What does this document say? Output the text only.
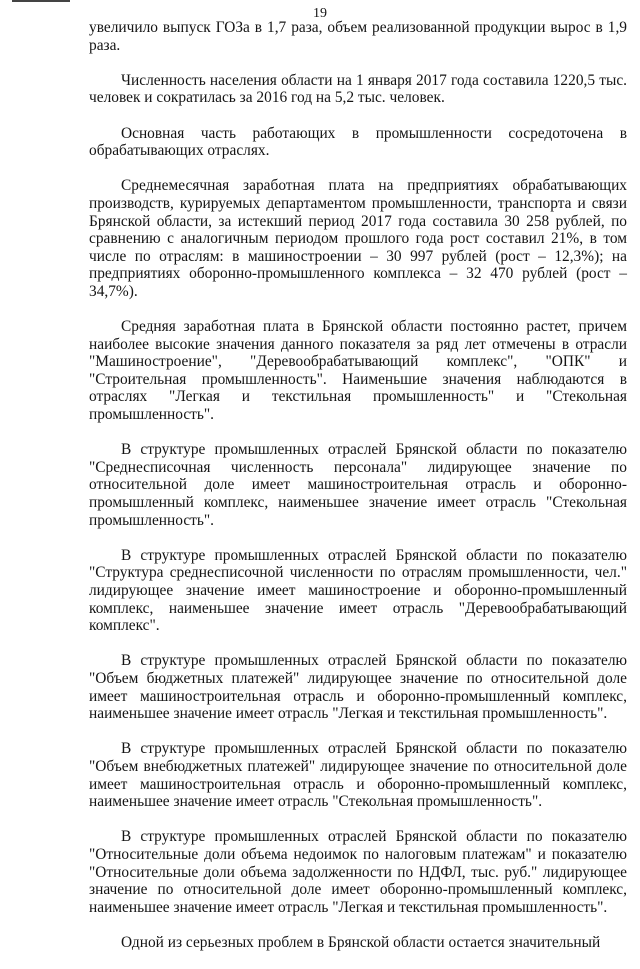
19

увеличило выпуск ГОЗа в 1,7 раза, объем реализованной продукции вырос в 1,9 раза.

Численность населения области на 1 января 2017 года составила 1220,5 тыс. человек и сократилась за 2016 год на 5,2 тыс. человек.

Основная часть работающих в промышленности сосредоточена в обрабатывающих отраслях.

Среднемесячная заработная плата на предприятиях обрабатывающих производств, курируемых департаментом промышленности, транспорта и связи Брянской области, за истекший период 2017 года составила 30 258 рублей, по сравнению с аналогичным периодом прошлого года рост составил 21%, в том числе по отраслям: в машиностроении – 30 997 рублей (рост – 12,3%); на предприятиях оборонно-промышленного комплекса – 32 470 рублей (рост – 34,7%).

Средняя заработная плата в Брянской области постоянно растет, причем наиболее высокие значения данного показателя за ряд лет отмечены в отрасли "Машиностроение", "Деревообрабатывающий комплекс", "ОПК" и "Строительная промышленность". Наименьшие значения наблюдаются в отраслях "Легкая и текстильная промышленность" и "Стекольная промышленность".

В структуре промышленных отраслей Брянской области по показателю "Среднесписочная численность персонала" лидирующее значение по относительной доле имеет машиностроительная отрасль и оборонно-промышленный комплекс, наименьшее значение имеет отрасль "Стекольная промышленность".

В структуре промышленных отраслей Брянской области по показателю "Структура среднесписочной численности по отраслям промышленности, чел." лидирующее значение имеет машиностроение и оборонно-промышленный комплекс, наименьшее значение имеет отрасль "Деревообрабатывающий комплекс".

В структуре промышленных отраслей Брянской области по показателю "Объем бюджетных платежей" лидирующее значение по относительной доле имеет машиностроительная отрасль и оборонно-промышленный комплекс, наименьшее значение имеет отрасль "Легкая и текстильная промышленность".

В структуре промышленных отраслей Брянской области по показателю "Объем внебюджетных платежей" лидирующее значение по относительной доле имеет машиностроительная отрасль и оборонно-промышленный комплекс, наименьшее значение имеет отрасль "Стекольная промышленность".

В структуре промышленных отраслей Брянской области по показателю "Относительные доли объема недоимок по налоговым платежам" и показателю "Относительные доли объема задолженности по НДФЛ, тыс. руб." лидирующее значение по относительной доле имеет оборонно-промышленный комплекс, наименьшее значение имеет отрасль "Легкая и текстильная промышленность".

Одной из серьезных проблем в Брянской области остается значительный
